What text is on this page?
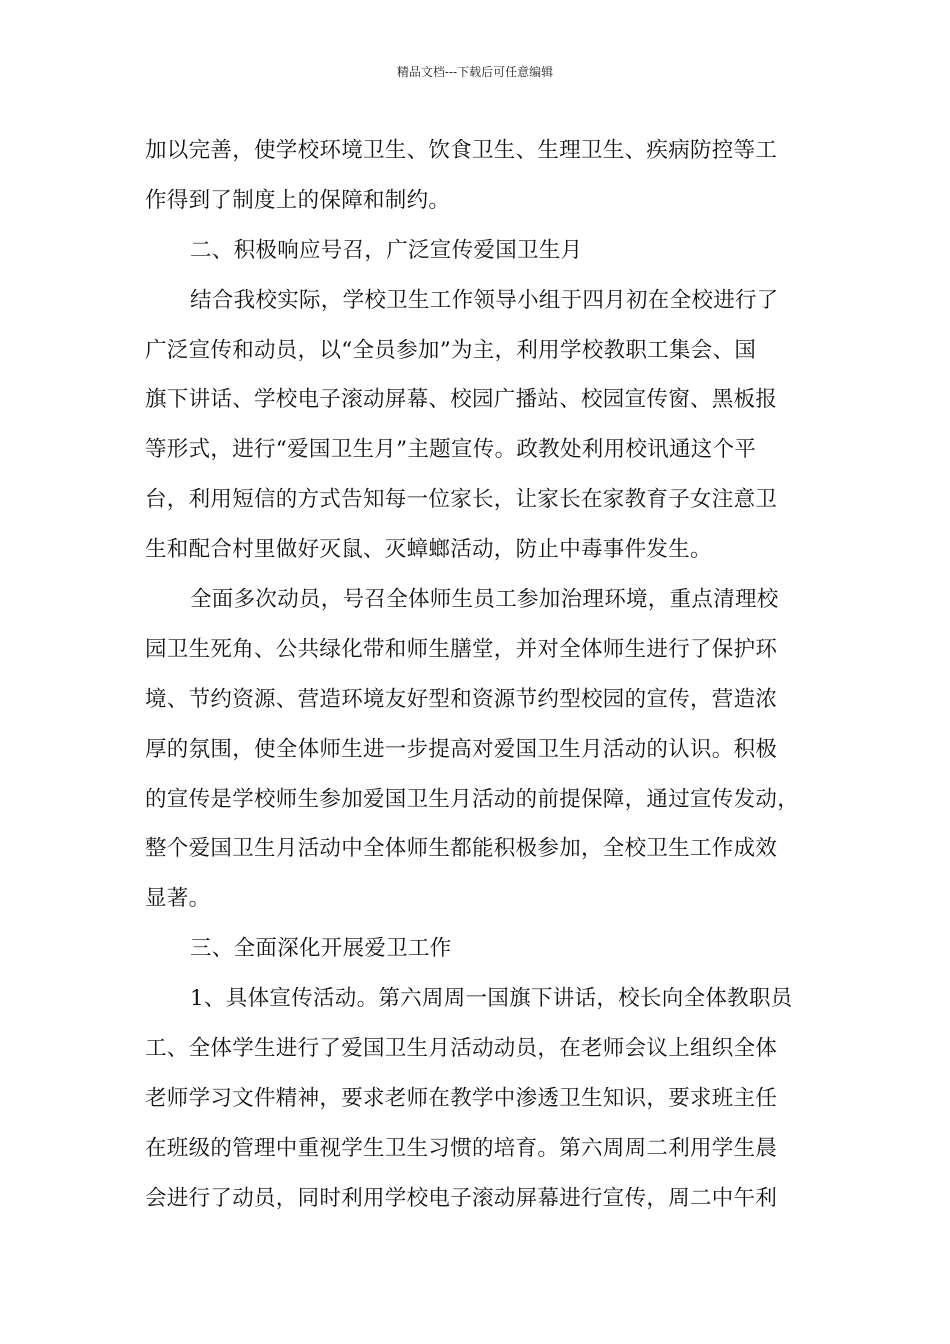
精品文档---下载后可任意编辑
加以完善，使学校环境卫生、饮食卫生、生理卫生、疾病防控等工
作得到了制度上的保障和制约。
二、积极响应号召，广泛宣传爱国卫生月
结合我校实际，学校卫生工作领导小组于四月初在全校进行了
广泛宣传和动员，以“全员参加”为主，利用学校教职工集会、国
旗下讲话、学校电子滚动屏幕、校园广播站、校园宣传窗、黑板报
等形式，进行“爱国卫生月”主题宣传。政教处利用校讯通这个平
台，利用短信的方式告知每一位家长，让家长在家教育子女注意卫
生和配合村里做好灭鼠、灭蟑螂活动，防止中毒事件发生。
全面多次动员，号召全体师生员工参加治理环境，重点清理校
园卫生死角、公共绿化带和师生膳堂，并对全体师生进行了保护环
境、节约资源、营造环境友好型和资源节约型校园的宣传，营造浓
厚的氛围，使全体师生进一步提高对爱国卫生月活动的认识。积极
的宣传是学校师生参加爱国卫生月活动的前提保障，通过宣传发动，
整个爱国卫生月活动中全体师生都能积极参加，全校卫生工作成效
显著。
三、全面深化开展爱卫工作
1、具体宣传活动。第六周周一国旗下讲话，校长向全体教职员
工、全体学生进行了爱国卫生月活动动员，在老师会议上组织全体
老师学习文件精神，要求老师在教学中渗透卫生知识，要求班主任
在班级的管理中重视学生卫生习惯的培育。第六周周二利用学生晨
会进行了动员，同时利用学校电子滚动屏幕进行宣传，周二中午利
